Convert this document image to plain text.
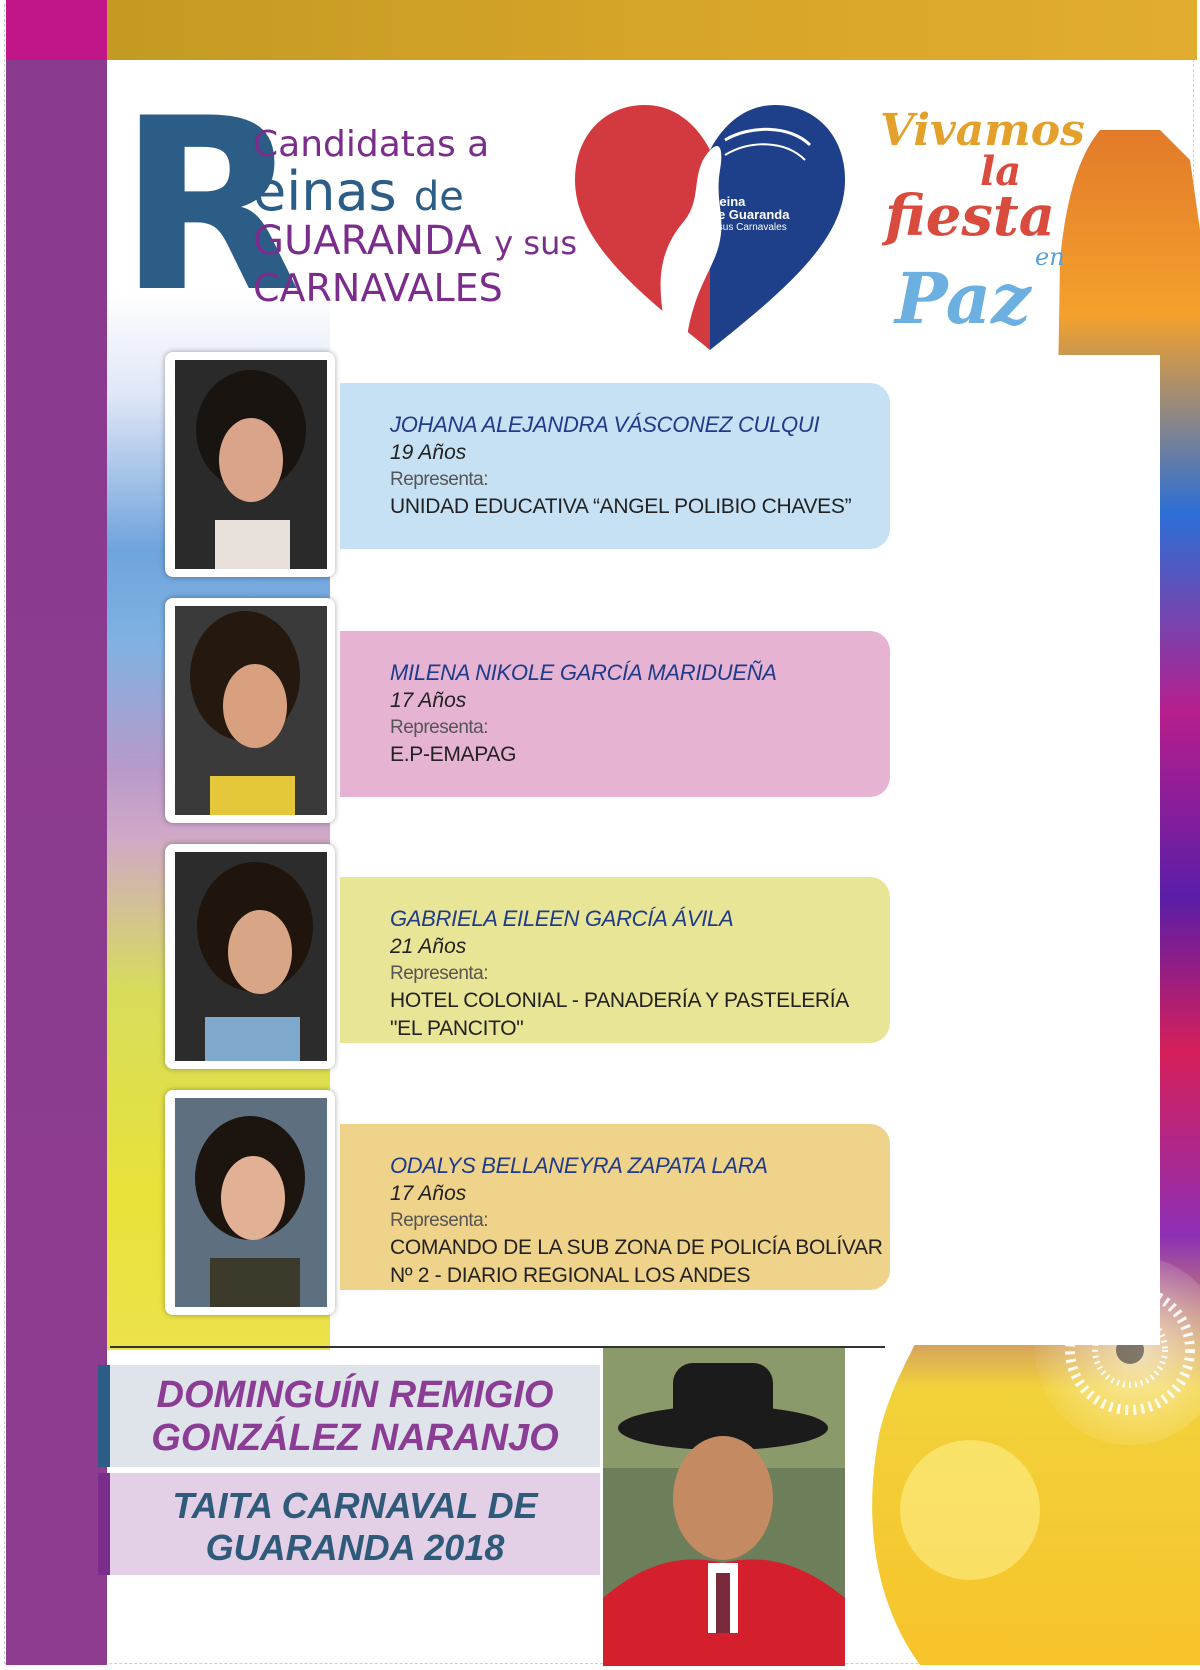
R
Candidatas a
einas de
GUARANDA y sus
CARNAVALES
Reina
de Guaranda
y sus Carnavales
Vivamos
la
fiesta
en
Paz
JOHANA ALEJANDRA VÁSCONEZ CULQUI
19 Años
Representa:
UNIDAD EDUCATIVA “ANGEL POLIBIO CHAVES”
MILENA NIKOLE GARCÍA MARIDUEÑA
17 Años
Representa:
E.P-EMAPAG
GABRIELA EILEEN GARCÍA ÁVILA
21 Años
Representa:
HOTEL COLONIAL - PANADERÍA Y PASTELERÍA
"EL PANCITO"
ODALYS BELLANEYRA ZAPATA LARA
17 Años
Representa:
COMANDO DE LA SUB ZONA DE POLICÍA BOLÍVAR
Nº 2 - DIARIO REGIONAL LOS ANDES
DOMINGUÍN REMIGIO
GONZÁLEZ NARANJO
TAITA CARNAVAL DE
GUARANDA 2018
